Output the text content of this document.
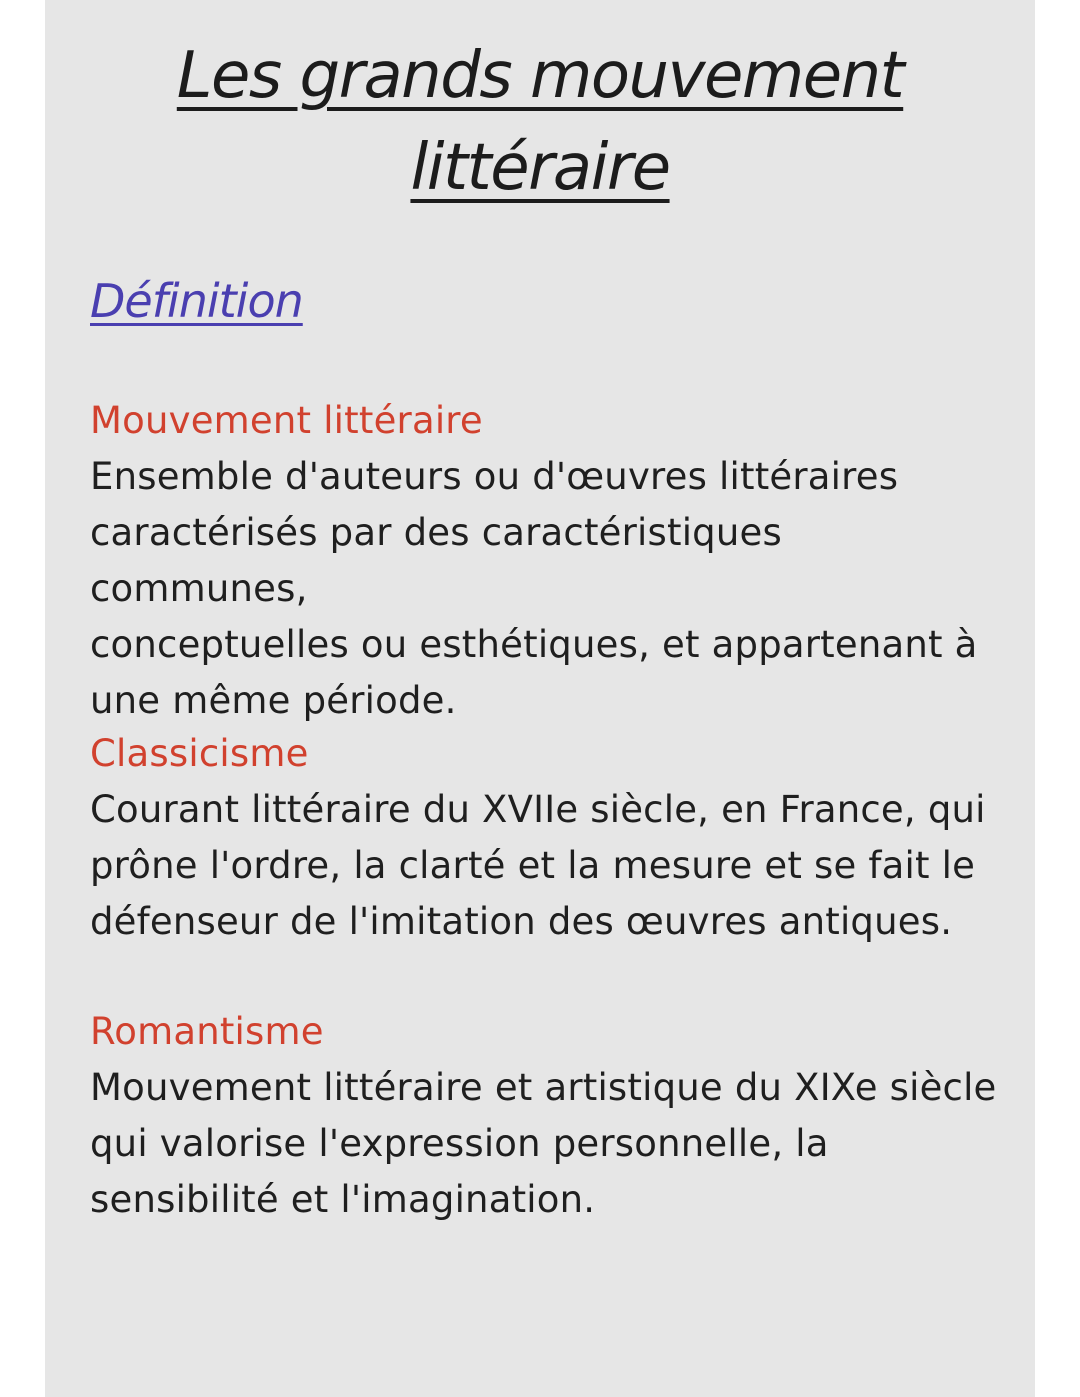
Les grands mouvement
littéraire
Définition
Mouvement littéraire
Ensemble d'auteurs ou d'œuvres littéraires
caractérisés par des caractéristiques communes,
conceptuelles ou esthétiques, et appartenant à
une même période.
Classicisme
Courant littéraire du XVIIe siècle, en France, qui
prône l'ordre, la clarté et la mesure et se fait le
défenseur de l'imitation des œuvres antiques.
Romantisme
Mouvement littéraire et artistique du XIXe siècle
qui valorise l'expression personnelle, la
sensibilité et l'imagination.
